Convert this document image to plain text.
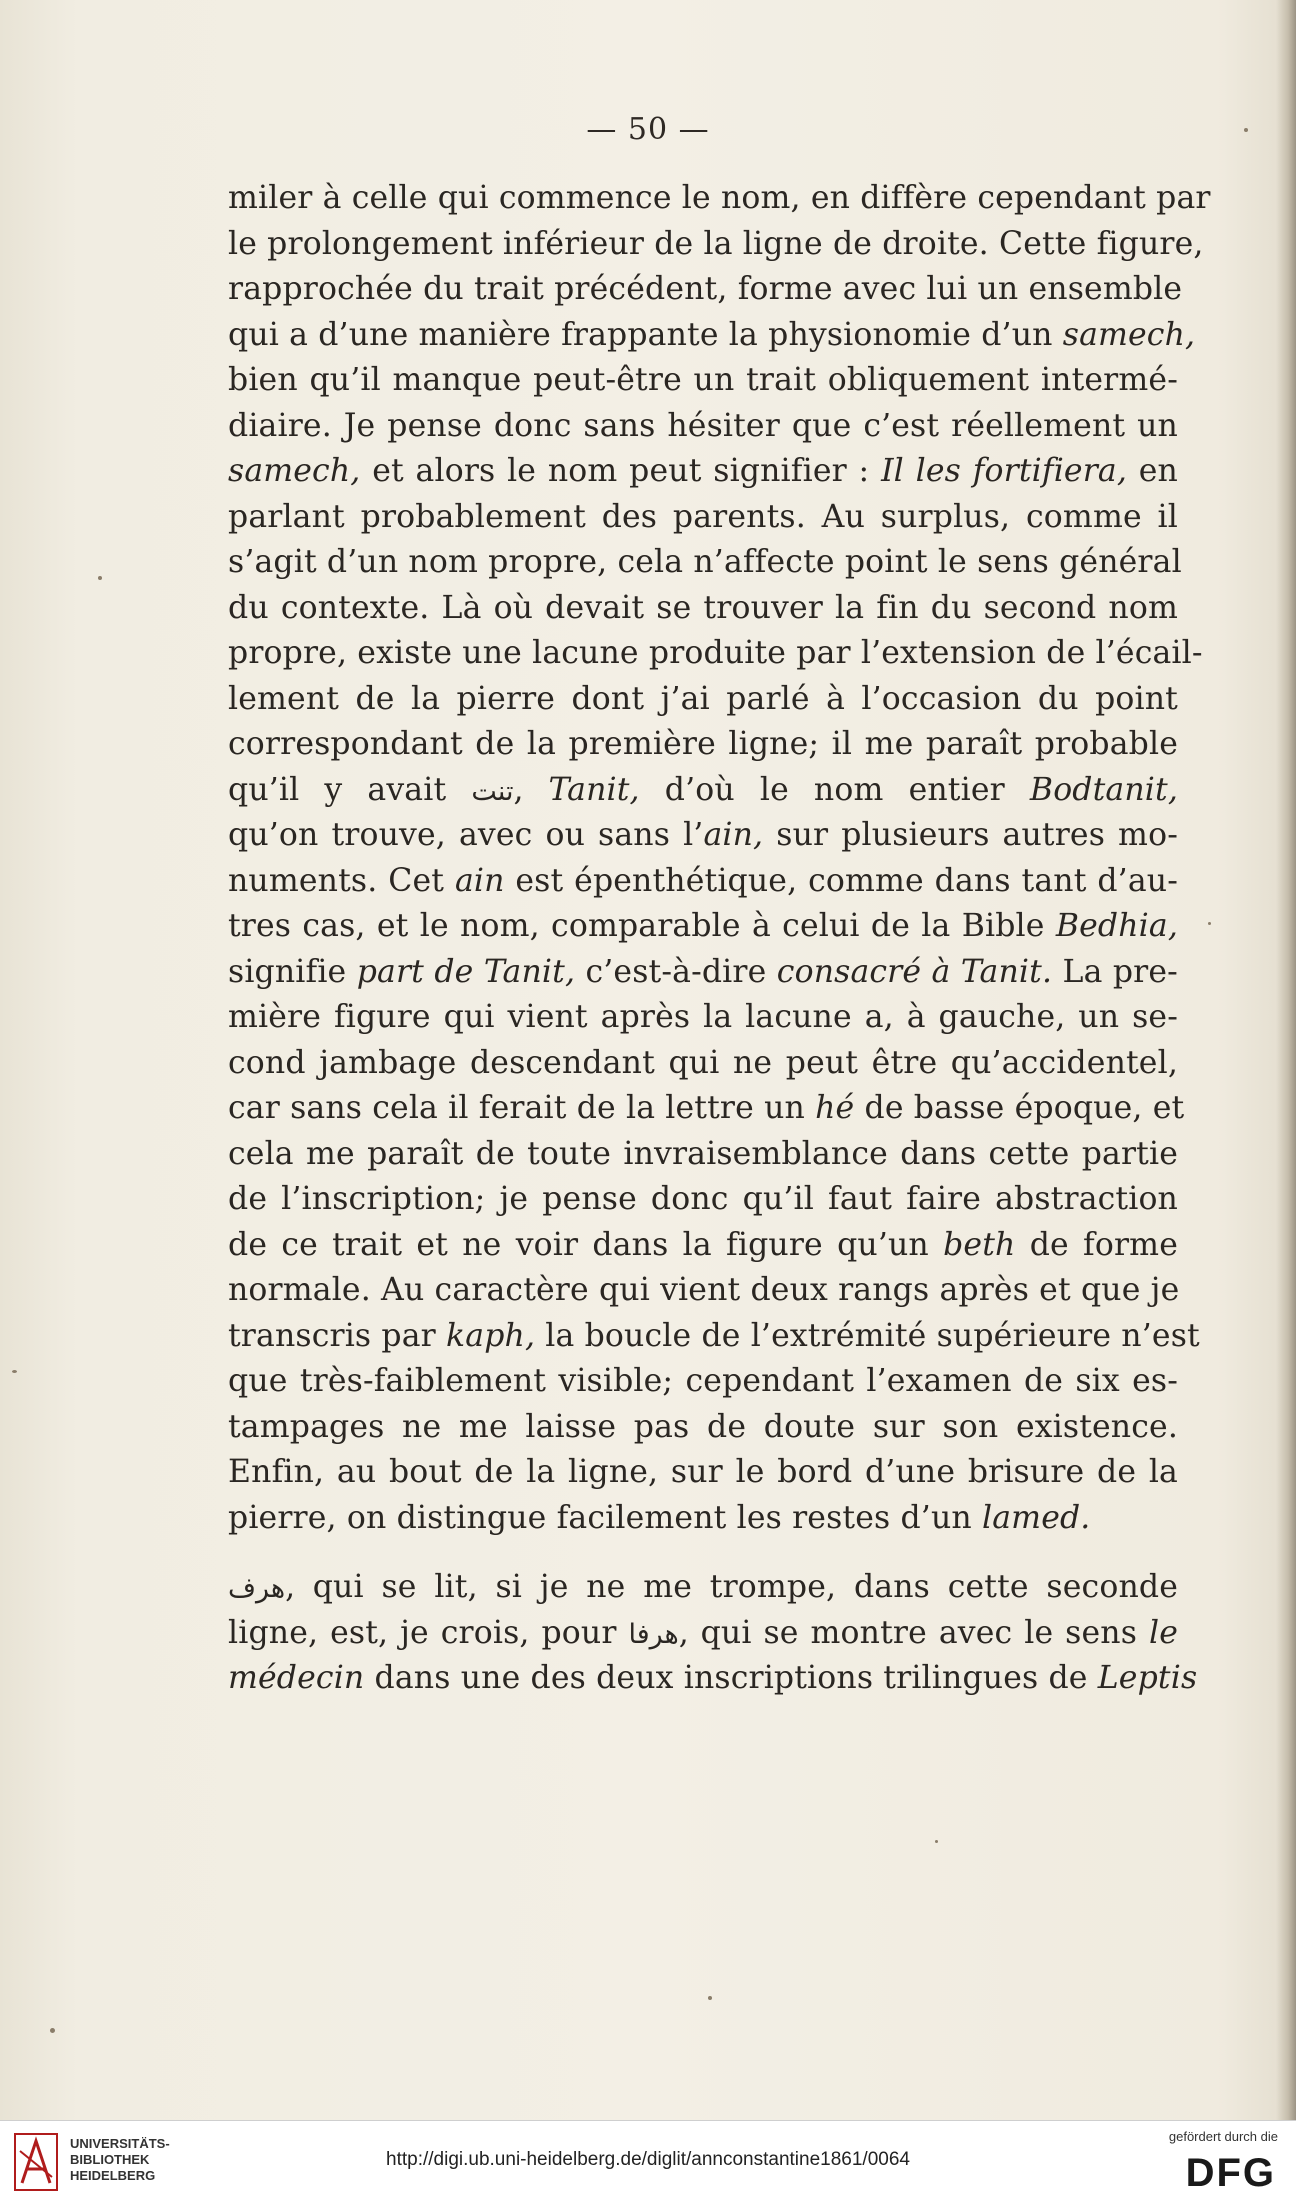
— 50 —
miler à celle qui commence le nom, en diffère cependant par
le prolongement inférieur de la ligne de droite. Cette figure,
rapprochée du trait précédent, forme avec lui un ensemble
qui a d’une manière frappante la physionomie d’un samech,
bien qu’il manque peut-être un trait obliquement intermé-
diaire. Je pense donc sans hésiter que c’est réellement un
samech, et alors le nom peut signifier : Il les fortifiera, en
parlant probablement des parents. Au surplus, comme il
s’agit d’un nom propre, cela n’affecte point le sens général
du contexte. Là où devait se trouver la fin du second nom
propre, existe une lacune produite par l’extension de l’écail-
lement de la pierre dont j’ai parlé à l’occasion du point
correspondant de la première ligne; il me paraît probable
qu’il y avait تنت, Tanit, d’où le nom entier Bodtanit,
qu’on trouve, avec ou sans l’ain, sur plusieurs autres mo-
numents. Cet ain est épenthétique, comme dans tant d’au-
tres cas, et le nom, comparable à celui de la Bible Bedhia,
signifie part de Tanit, c’est-à-dire consacré à Tanit. La pre-
mière figure qui vient après la lacune a, à gauche, un se-
cond jambage descendant qui ne peut être qu’accidentel,
car sans cela il ferait de la lettre un hé de basse époque, et
cela me paraît de toute invraisemblance dans cette partie
de l’inscription; je pense donc qu’il faut faire abstraction
de ce trait et ne voir dans la figure qu’un beth de forme
normale. Au caractère qui vient deux rangs après et que je
transcris par kaph, la boucle de l’extrémité supérieure n’est
que très-faiblement visible; cependant l’examen de six es-
tampages ne me laisse pas de doute sur son existence.
Enfin, au bout de la ligne, sur le bord d’une brisure de la
pierre, on distingue facilement les restes d’un lamed.
هرف, qui se lit, si je ne me trompe, dans cette seconde
ligne, est, je crois, pour هرفا, qui se montre avec le sens le
médecin dans une des deux inscriptions trilingues de Leptis
UNIVERSITÄTS-
BIBLIOTHEK
HEIDELBERG
http://digi.ub.uni-heidelberg.de/diglit/annconstantine1861/0064
gefördert durch die
DFG
